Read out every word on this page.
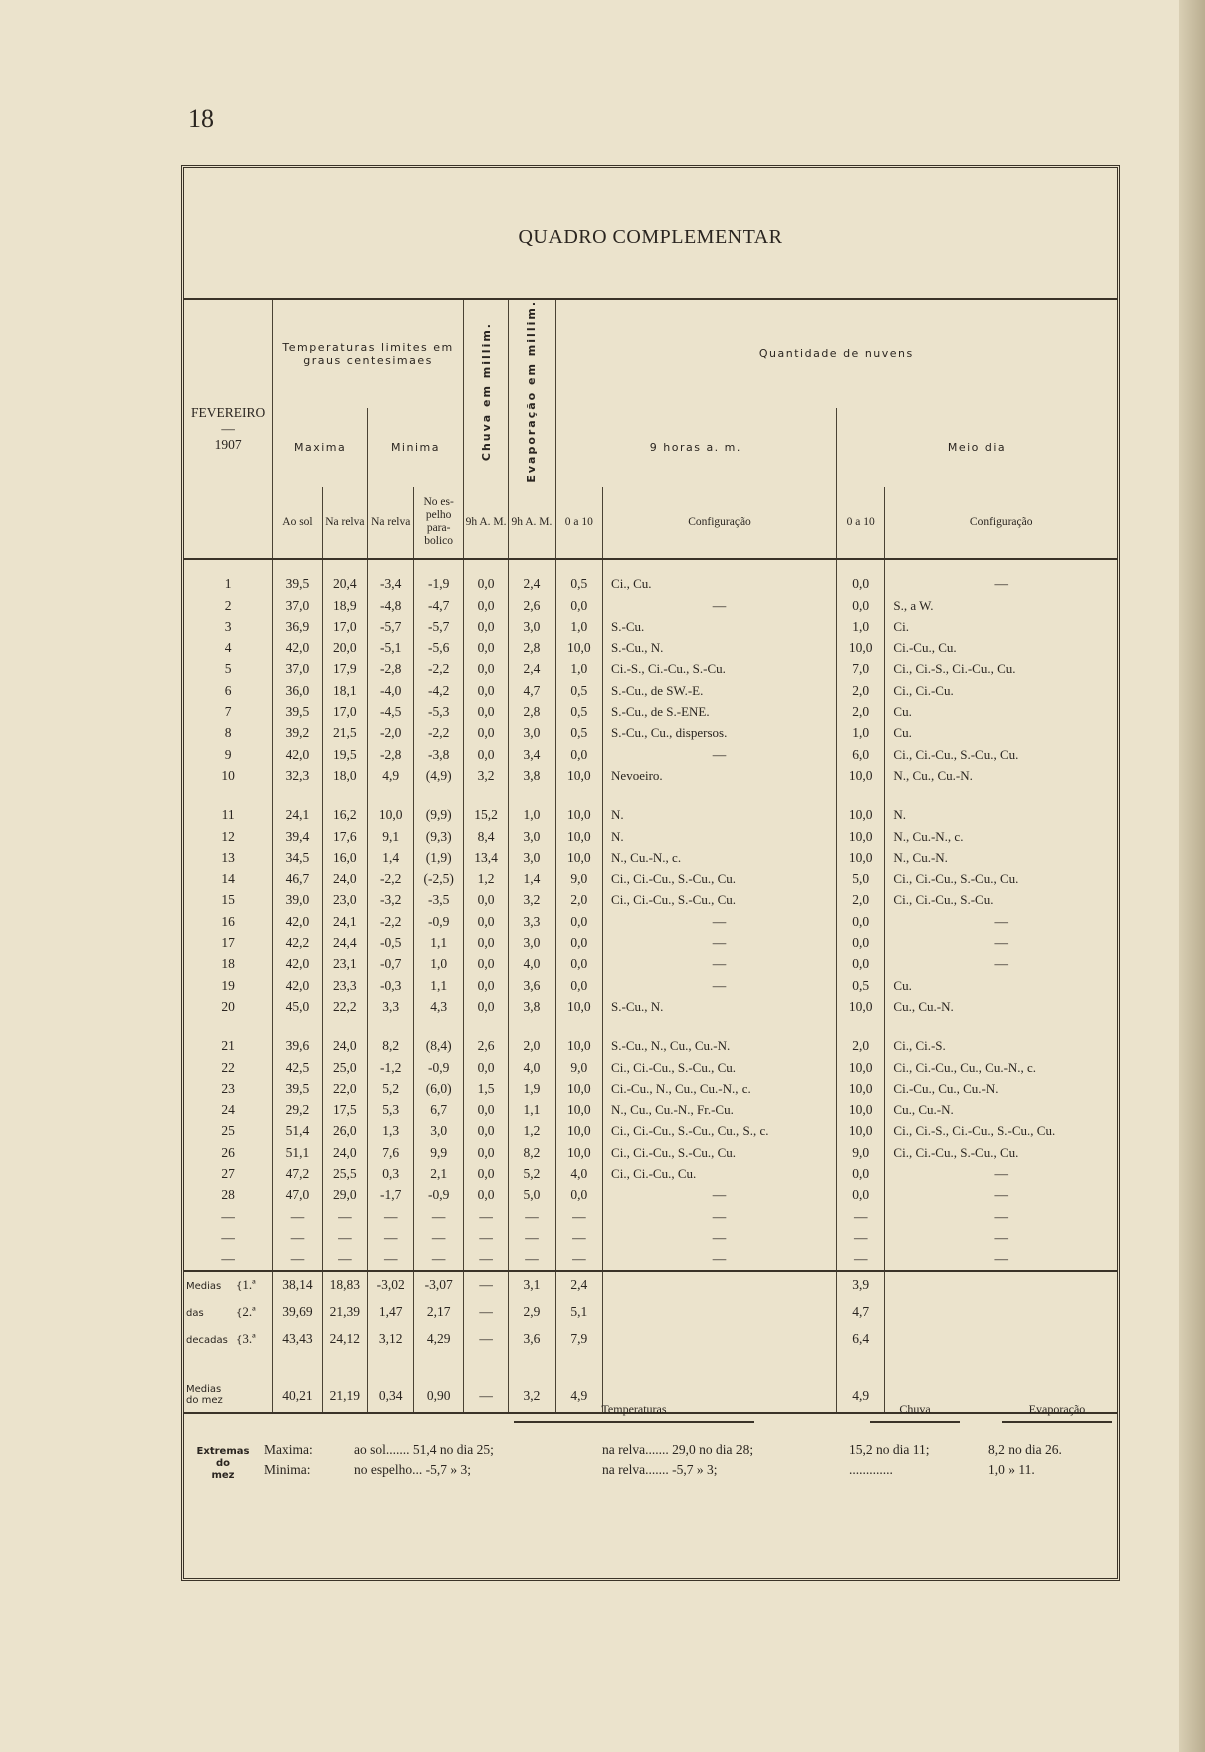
18
QUADRO COMPLEMENTAR
FEVEREIRO
—
1907	Temperaturas limites em graus centesimaes				Chuva em millim.	Evaporação em millim.	Quantidade de nuvens			
	Maxima		Minima				9 horas a. m.		Meio dia	
	Ao sol	Na relva	Na relva	No es- pelho para- bolico	9h A. M.	9h A. M.	0 a 10	Configuração	0 a 10	Configuração
1	39,5	20,4	-3,4	-1,9	0,0	2,4	0,5	Ci., Cu.	0,0	—
2	37,0	18,9	-4,8	-4,7	0,0	2,6	0,0	—	0,0	S., a W.
3	36,9	17,0	-5,7	-5,7	0,0	3,0	1,0	S.-Cu.	1,0	Ci.
4	42,0	20,0	-5,1	-5,6	0,0	2,8	10,0	S.-Cu., N.	10,0	Ci.-Cu., Cu.
5	37,0	17,9	-2,8	-2,2	0,0	2,4	1,0	Ci.-S., Ci.-Cu., S.-Cu.	7,0	Ci., Ci.-S., Ci.-Cu., Cu.
6	36,0	18,1	-4,0	-4,2	0,0	4,7	0,5	S.-Cu., de SW.-E.	2,0	Ci., Ci.-Cu.
7	39,5	17,0	-4,5	-5,3	0,0	2,8	0,5	S.-Cu., de S.-ENE.	2,0	Cu.
8	39,2	21,5	-2,0	-2,2	0,0	3,0	0,5	S.-Cu., Cu., dispersos.	1,0	Cu.
9	42,0	19,5	-2,8	-3,8	0,0	3,4	0,0	—	6,0	Ci., Ci.-Cu., S.-Cu., Cu.
10	32,3	18,0	4,9	(4,9)	3,2	3,8	10,0	Nevoeiro.	10,0	N., Cu., Cu.-N.

11	24,1	16,2	10,0	(9,9)	15,2	1,0	10,0	N.	10,0	N.
12	39,4	17,6	9,1	(9,3)	8,4	3,0	10,0	N.	10,0	N., Cu.-N., c.
13	34,5	16,0	1,4	(1,9)	13,4	3,0	10,0	N., Cu.-N., c.	10,0	N., Cu.-N.
14	46,7	24,0	-2,2	(-2,5)	1,2	1,4	9,0	Ci., Ci.-Cu., S.-Cu., Cu.	5,0	Ci., Ci.-Cu., S.-Cu., Cu.
15	39,0	23,0	-3,2	-3,5	0,0	3,2	2,0	Ci., Ci.-Cu., S.-Cu., Cu.	2,0	Ci., Ci.-Cu., S.-Cu.
16	42,0	24,1	-2,2	-0,9	0,0	3,3	0,0	—	0,0	—
17	42,2	24,4	-0,5	1,1	0,0	3,0	0,0	—	0,0	—
18	42,0	23,1	-0,7	1,0	0,0	4,0	0,0	—	0,0	—
19	42,0	23,3	-0,3	1,1	0,0	3,6	0,0	—	0,5	Cu.
20	45,0	22,2	3,3	4,3	0,0	3,8	10,0	S.-Cu., N.	10,0	Cu., Cu.-N.

21	39,6	24,0	8,2	(8,4)	2,6	2,0	10,0	S.-Cu., N., Cu., Cu.-N.	2,0	Ci., Ci.-S.
22	42,5	25,0	-1,2	-0,9	0,0	4,0	9,0	Ci., Ci.-Cu., S.-Cu., Cu.	10,0	Ci., Ci.-Cu., Cu., Cu.-N., c.
23	39,5	22,0	5,2	(6,0)	1,5	1,9	10,0	Ci.-Cu., N., Cu., Cu.-N., c.	10,0	Ci.-Cu., Cu., Cu.-N.
24	29,2	17,5	5,3	6,7	0,0	1,1	10,0	N., Cu., Cu.-N., Fr.-Cu.	10,0	Cu., Cu.-N.
25	51,4	26,0	1,3	3,0	0,0	1,2	10,0	Ci., Ci.-Cu., S.-Cu., Cu., S., c.	10,0	Ci., Ci.-S., Ci.-Cu., S.-Cu., Cu.
26	51,1	24,0	7,6	9,9	0,0	8,2	10,0	Ci., Ci.-Cu., S.-Cu., Cu.	9,0	Ci., Ci.-Cu., S.-Cu., Cu.
27	47,2	25,5	0,3	2,1	0,0	5,2	4,0	Ci., Ci.-Cu., Cu.	0,0	—
28	47,0	29,0	-1,7	-0,9	0,0	5,0	0,0	—	0,0	—
—	—	—	—	—	—	—	—	—	—	—
—	—	—	—	—	—	—	—	—	—	—
—	—	—	—	—	—	—	—	—	—	—
Medias {1.ª	38,14	18,83	-3,02	-3,07	—	3,1	2,4		3,9	
das {2.ª	39,69	21,39	1,47	2,17	—	2,9	5,1		4,7	
decadas {3.ª	43,43	24,12	3,12	4,29	—	3,6	7,9		6,4	

Medias
do mez	40,21	21,19	0,34	0,90	—	3,2	4,9		4,9	

Extremas
do
mez
Temperaturas	Chuva	Evaporação
Maxima:	ao sol....... 51,4 no dia 25;	na relva....... 29,0 no dia 28;	15,2 no dia 11;	8,2 no dia 26.
Minima:	no espelho... -5,7 » 3;	na relva....... -5,7 » 3;	.............	1,0 » 11.
